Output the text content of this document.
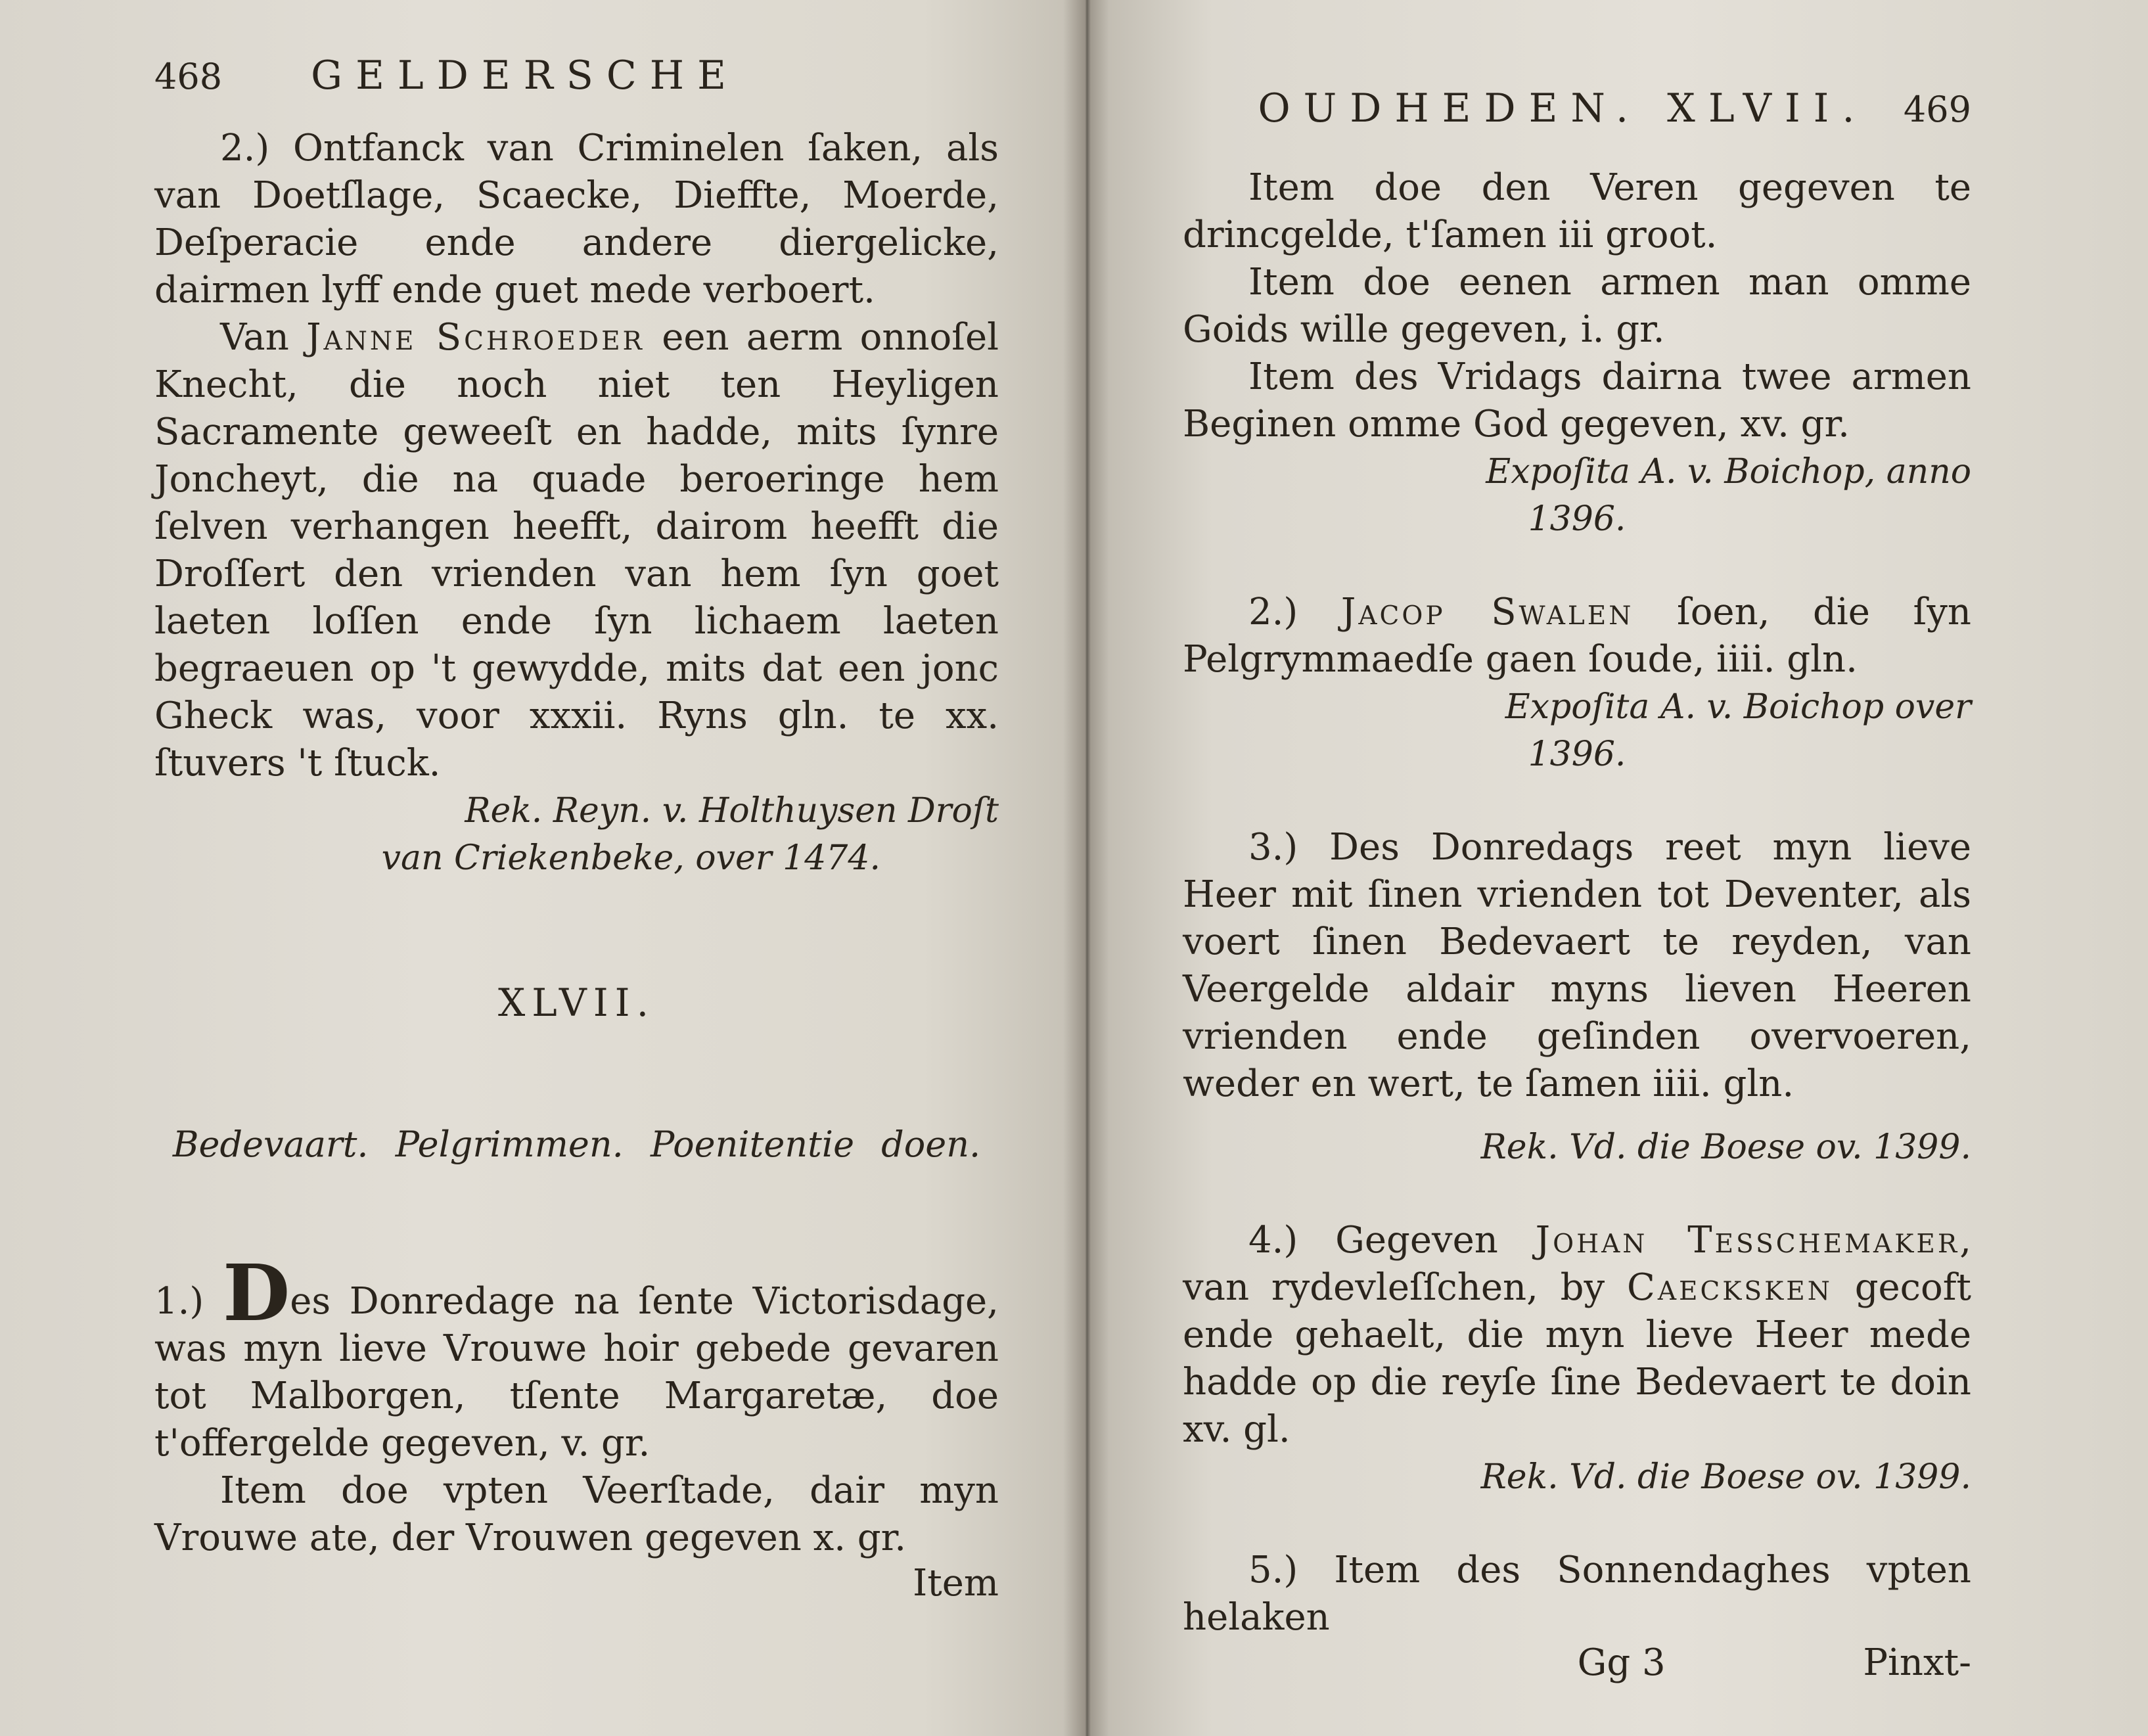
468 GELDERSCHE

2.) Ontfanck van Criminelen ſaken, als van Doetſlage, Scaecke, Dieffte, Moerde, Deſperacie ende andere diergelicke, dairmen lyff ende guet mede verboert.

Van Janne Schroeder een aerm onnoſel Knecht, die noch niet ten Heyligen Sacramente geweeſt en hadde, mits ſynre Joncheyt, die na quade beroeringe hem ſelven verhangen heefft, dairom heefft die Droſſert den vrienden van hem ſyn goet laeten loſſen ende ſyn lichaem laeten begraeuen op 't gewydde, mits dat een jonc Gheck was, voor xxxii. Ryns gln. te xx. ſtuvers 't ſtuck.

Rek. Reyn. v. Holthuysen Droſt

van Criekenbeke, over 1474.

XLVII.

Bedevaart. Pelgrimmen. Poenitentie doen.

1.) Des Donredage na ſente Victorisdage, was myn lieve Vrouwe hoir gebede gevaren tot Malborgen, tſente Margaretæ, doe t'offergelde gegeven, v. gr.

Item doe vpten Veerſtade, dair myn Vrouwe ate, der Vrouwen gegeven x. gr.

Item

OUDHEDEN. XLVII. 469

Item doe den Veren gegeven te drincgelde, t'ſamen iii groot.

Item doe eenen armen man omme Goids wille gegeven, i. gr.

Item des Vridags dairna twee armen Beginen omme God gegeven, xv. gr.

Expoſita A. v. Boichop, anno

1396.

2.) Jacop Swalen ſoen, die ſyn Pelgrymmaedſe gaen ſoude, iiii. gln.

Expoſita A. v. Boichop over

1396.

3.) Des Donredags reet myn lieve Heer mit ſinen vrienden tot Deventer, als voert ſinen Bedevaert te reyden, van Veergelde aldair myns lieven Heeren vrienden ende geſinden overvoeren, weder en wert, te ſamen iiii. gln.

Rek. Vd. die Boese ov. 1399.

4.) Gegeven Johan Tesschemaker, van rydevleſſchen, by Caecksken gecoft ende gehaelt, die myn lieve Heer mede hadde op die reyſe ſine Bedevaert te doin xv. gl.

Rek. Vd. die Boese ov. 1399.

5.) Item des Sonnendaghes vpten helaken

Gg 3	Pinxt-
